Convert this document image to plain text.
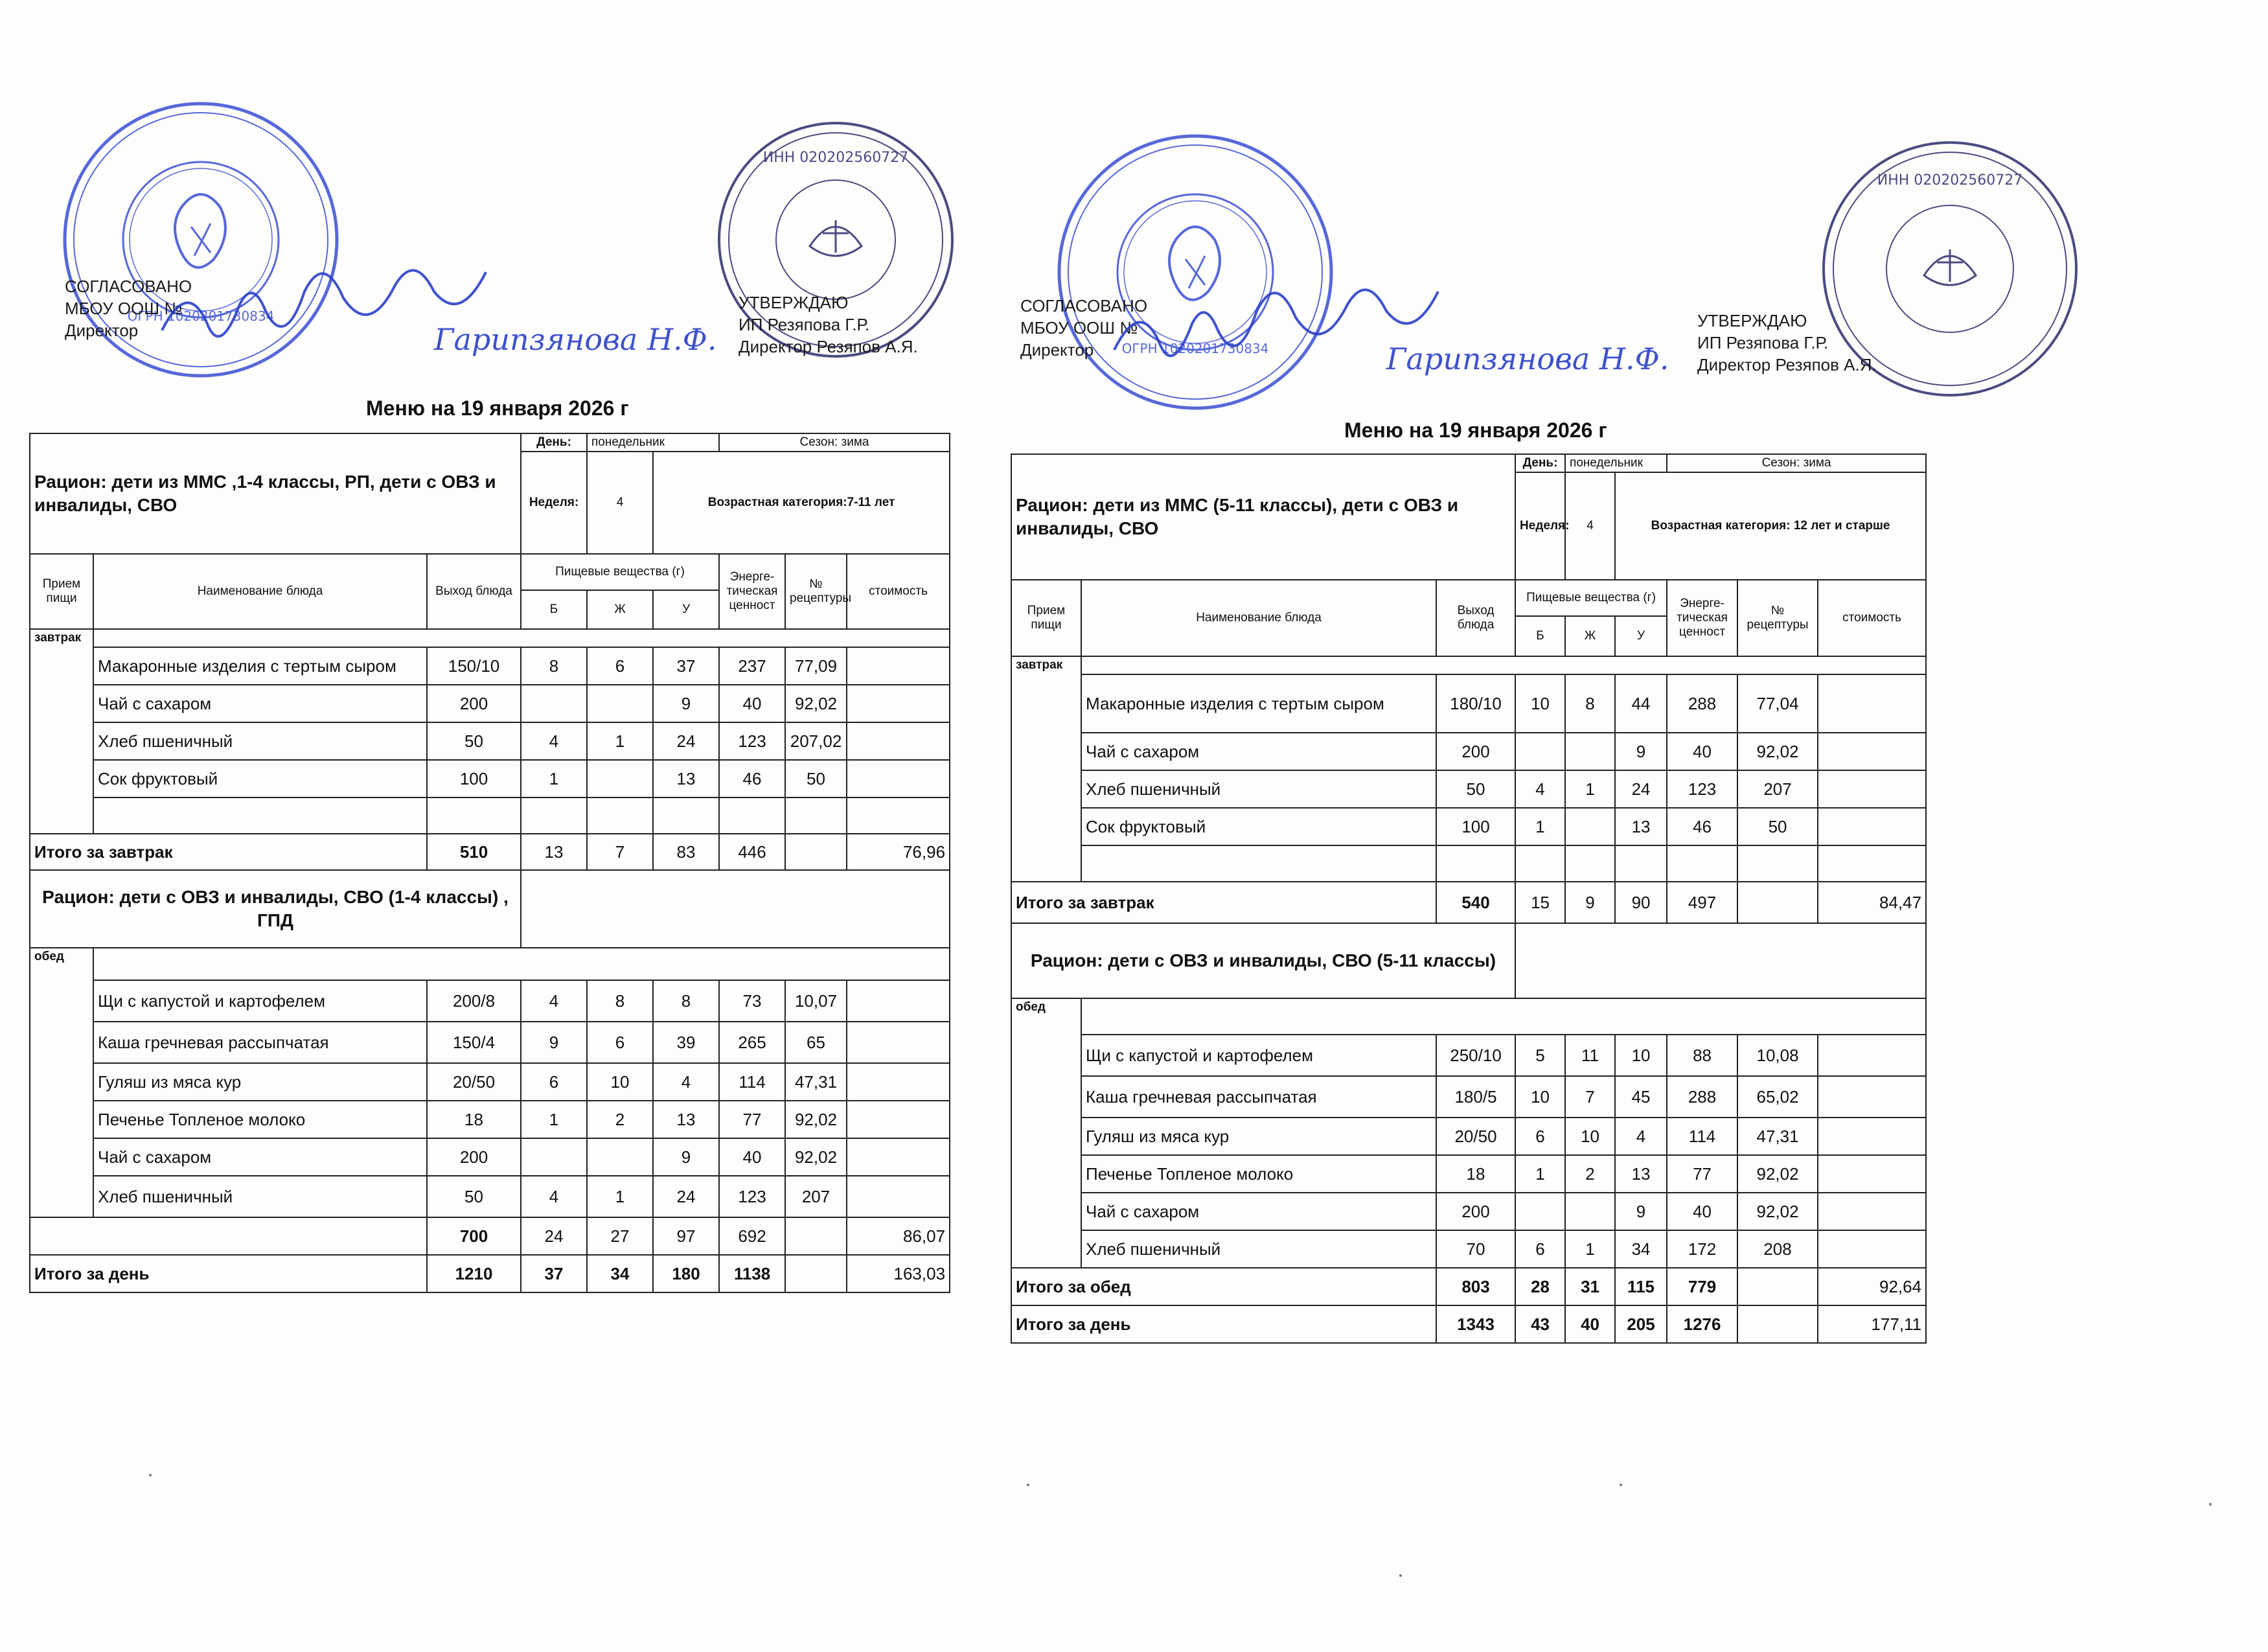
ОГРН 1020201730834
ИНН 020202560727
СОГЛАСОВАНО
МБОУ ООШ №
Директор
УТВЕРЖДАЮ
ИП Резяпова Г.Р.
Директор Резяпов А.Я.
Гарипзянова Н.Ф.
Меню на 19 января 2026 г
Рацион: дети из ММС ,1-4 классы, РП, дети с ОВЗ и инвалиды, СВО			День:	понедельник		Сезон: зима		
			Неделя:	4	Возрастная категория:7-11 лет			
Прием пищи	Наименование блюда	Выход блюда	Пищевые вещества (г)			Энерге-тическая ценност	№ рецептуры	стоимость
			Б	Ж	У			
завтрак								
	Макаронные изделия с тертым сыром	150/10	8	6	37	237	77,09	
	Чай с сахаром	200			9	40	92,02	
	Хлеб пшеничный	50	4	1	24	123	207,02	
	Сок фруктовый	100	1		13	46	50	

Итого за завтрак		510	13	7	83	446		76,96
Рацион: дети с ОВЗ и инвалиды, СВО (1-4 классы) , ГПД								
обед								
	Щи с капустой и картофелем	200/8	4	8	8	73	10,07	
	Каша гречневая рассыпчатая	150/4	9	6	39	265	65	
	Гуляш из мяса кур	20/50	6	10	4	114	47,31	
	Печенье Топленое молоко	18	1	2	13	77	92,02	
	Чай с сахаром	200			9	40	92,02	
	Хлеб пшеничный	50	4	1	24	123	207	
		700	24	27	97	692		86,07
Итого за день		1210	37	34	180	1138		163,03
ОГРН 1020201730834
ИНН 020202560727
СОГЛАСОВАНО
МБОУ ООШ №
Директор
УТВЕРЖДАЮ
ИП Резяпова Г.Р.
Директор Резяпов А.Я.
Гарипзянова Н.Ф.
Меню на 19 января 2026 г
Рацион: дети из ММС (5-11 классы), дети с ОВЗ и инвалиды, СВО			День:	понедельник		Сезон: зима		
			Неделя:	4	Возрастная категория: 12 лет и старше			
Прием пищи	Наименование блюда	Выход блюда	Пищевые вещества (г)			Энерге-тическая ценност	№ рецептуры	стоимость
			Б	Ж	У			
завтрак								
	Макаронные изделия с тертым сыром	180/10	10	8	44	288	77,04	
	Чай с сахаром	200			9	40	92,02	
	Хлеб пшеничный	50	4	1	24	123	207	
	Сок фруктовый	100	1		13	46	50	

Итого за завтрак		540	15	9	90	497		84,47
Рацион: дети с ОВЗ и инвалиды, СВО (5-11 классы)								
обед								
	Щи с капустой и картофелем	250/10	5	11	10	88	10,08	
	Каша гречневая рассыпчатая	180/5	10	7	45	288	65,02	
	Гуляш из мяса кур	20/50	6	10	4	114	47,31	
	Печенье Топленое молоко	18	1	2	13	77	92,02	
	Чай с сахаром	200			9	40	92,02	
	Хлеб пшеничный	70	6	1	34	172	208	
Итого за обед		803	28	31	115	779		92,64
Итого за день		1343	43	40	205	1276		177,11
